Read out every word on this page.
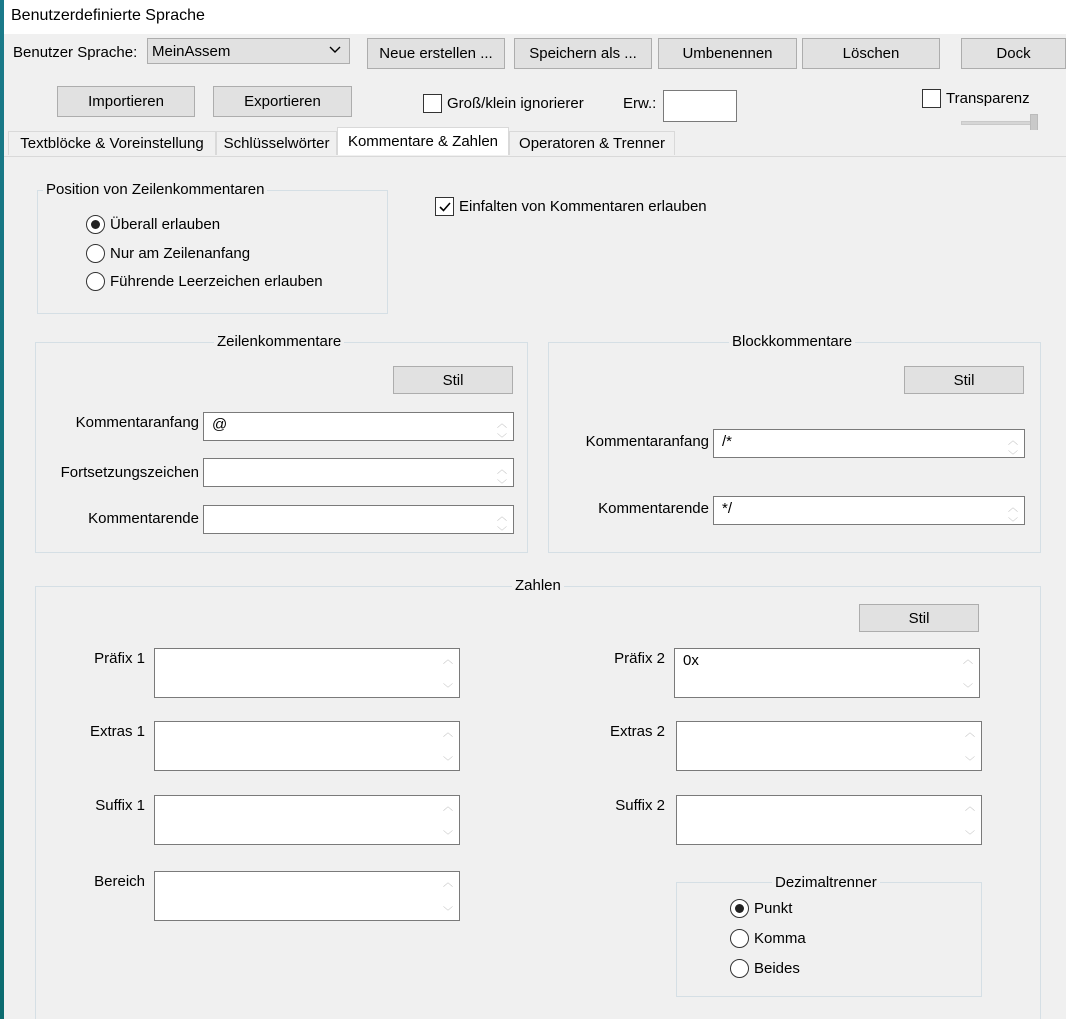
Benutzerdefinierte Sprache
Benutzer Sprache: MeinAssem	Neue erstellen ...	Speichern als ...	Umbenennen	Löschen	Dock
Importieren	Exportieren	Groß/klein ignorierer	Erw.:	Transparenz
Textblöcke & Voreinstellung	Schlüsselwörter	Kommentare & Zahlen	Operatoren & Trenner
Position von Zeilenkommentaren
Überall erlauben
Nur am Zeilenanfang
Führende Leerzeichen erlauben
Einfalten von Kommentaren erlauben
Zeilenkommentare
Stil
Kommentaranfang @	︿
﹀
Fortsetzungszeichen	︿
﹀
Kommentarende	︿
﹀
Blockkommentare
Stil
Kommentaranfang /*	︿
﹀
Kommentarende */	︿
﹀
Zahlen
Stil
Präfix 1	︿
﹀
Extras 1	︿
﹀
Suffix 1	︿
﹀
Bereich	︿
﹀
Präfix 2	0x	︿
﹀
Extras 2	︿
﹀
Suffix 2	︿
﹀
Dezimaltrenner
Punkt
Komma
Beides
